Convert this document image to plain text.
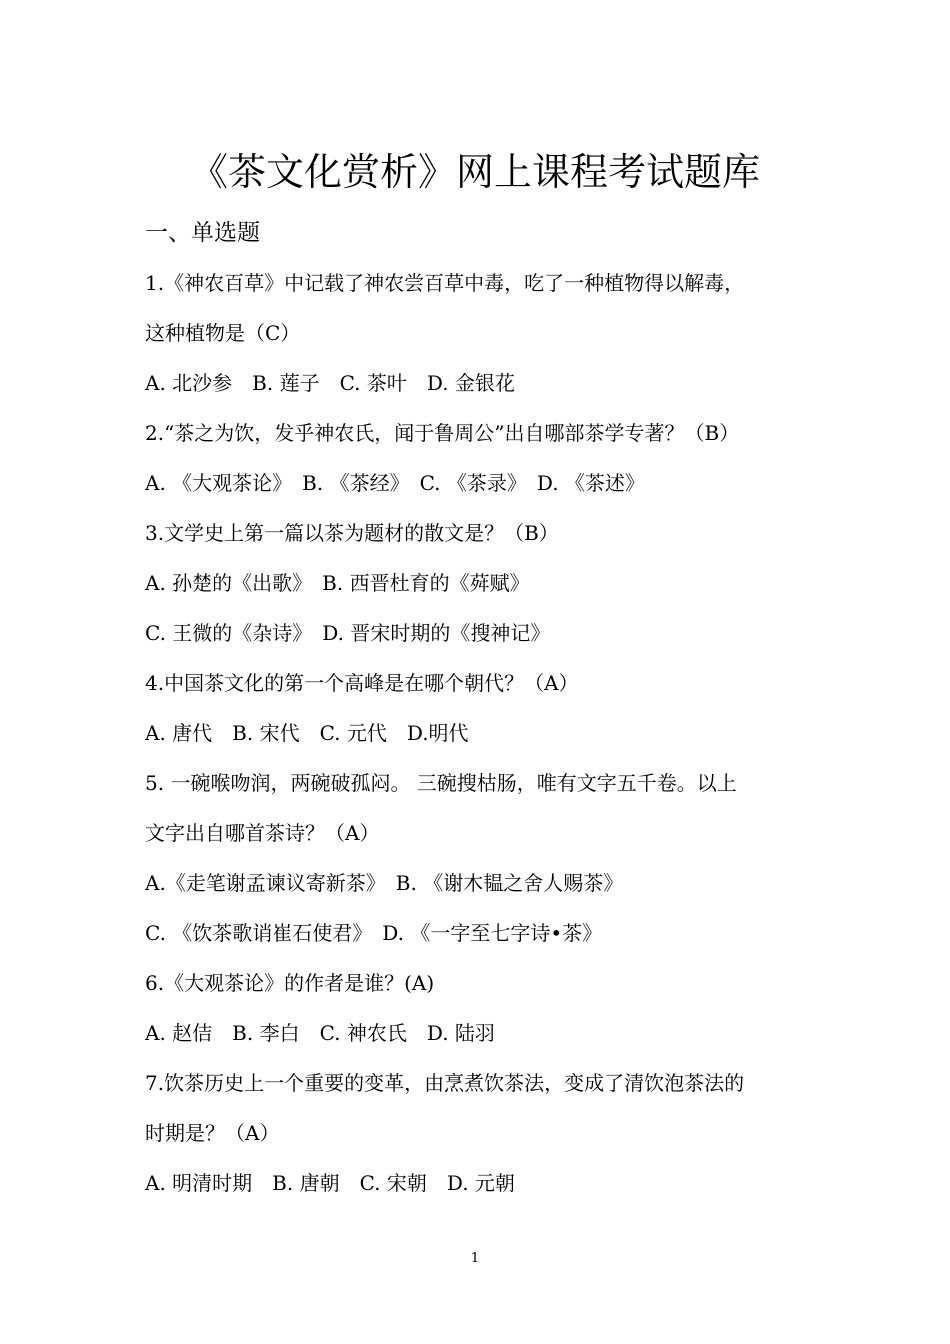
《茶文化赏析》网上课程考试题库
一、单选题
1.《神农百草》中记载了神农尝百草中毒，吃了一种植物得以解毒，
这种植物是（C）
A. 北沙参　B. 莲子　C. 茶叶　D. 金银花
2.“茶之为饮，发乎神农氏，闻于鲁周公”出自哪部茶学专著？（B）
A. 《大观茶论》　B. 《茶经》　C. 《茶录》　D. 《茶述》
3.文学史上第一篇以茶为题材的散文是？（B）
A. 孙楚的《出歌》　B. 西晋杜育的《荈赋》
C. 王微的《杂诗》　D. 晋宋时期的《搜神记》
4.中国茶文化的第一个高峰是在哪个朝代？（A）
A. 唐代　B. 宋代　C. 元代　D.明代
5. 一碗喉吻润，两碗破孤闷。 三碗搜枯肠，唯有文字五千卷。以上
文字出自哪首茶诗？（A）
A.《走笔谢孟谏议寄新茶》　B. 《谢木韫之舍人赐茶》
C. 《饮茶歌诮崔石使君》　D. 《一字至七字诗•茶》
6.《大观茶论》的作者是谁？(A)
A. 赵佶　B. 李白　C. 神农氏　D. 陆羽
7.饮茶历史上一个重要的变革，由烹煮饮茶法，变成了清饮泡茶法的
时期是？（A）
A. 明清时期　B. 唐朝　C. 宋朝　D. 元朝
1
